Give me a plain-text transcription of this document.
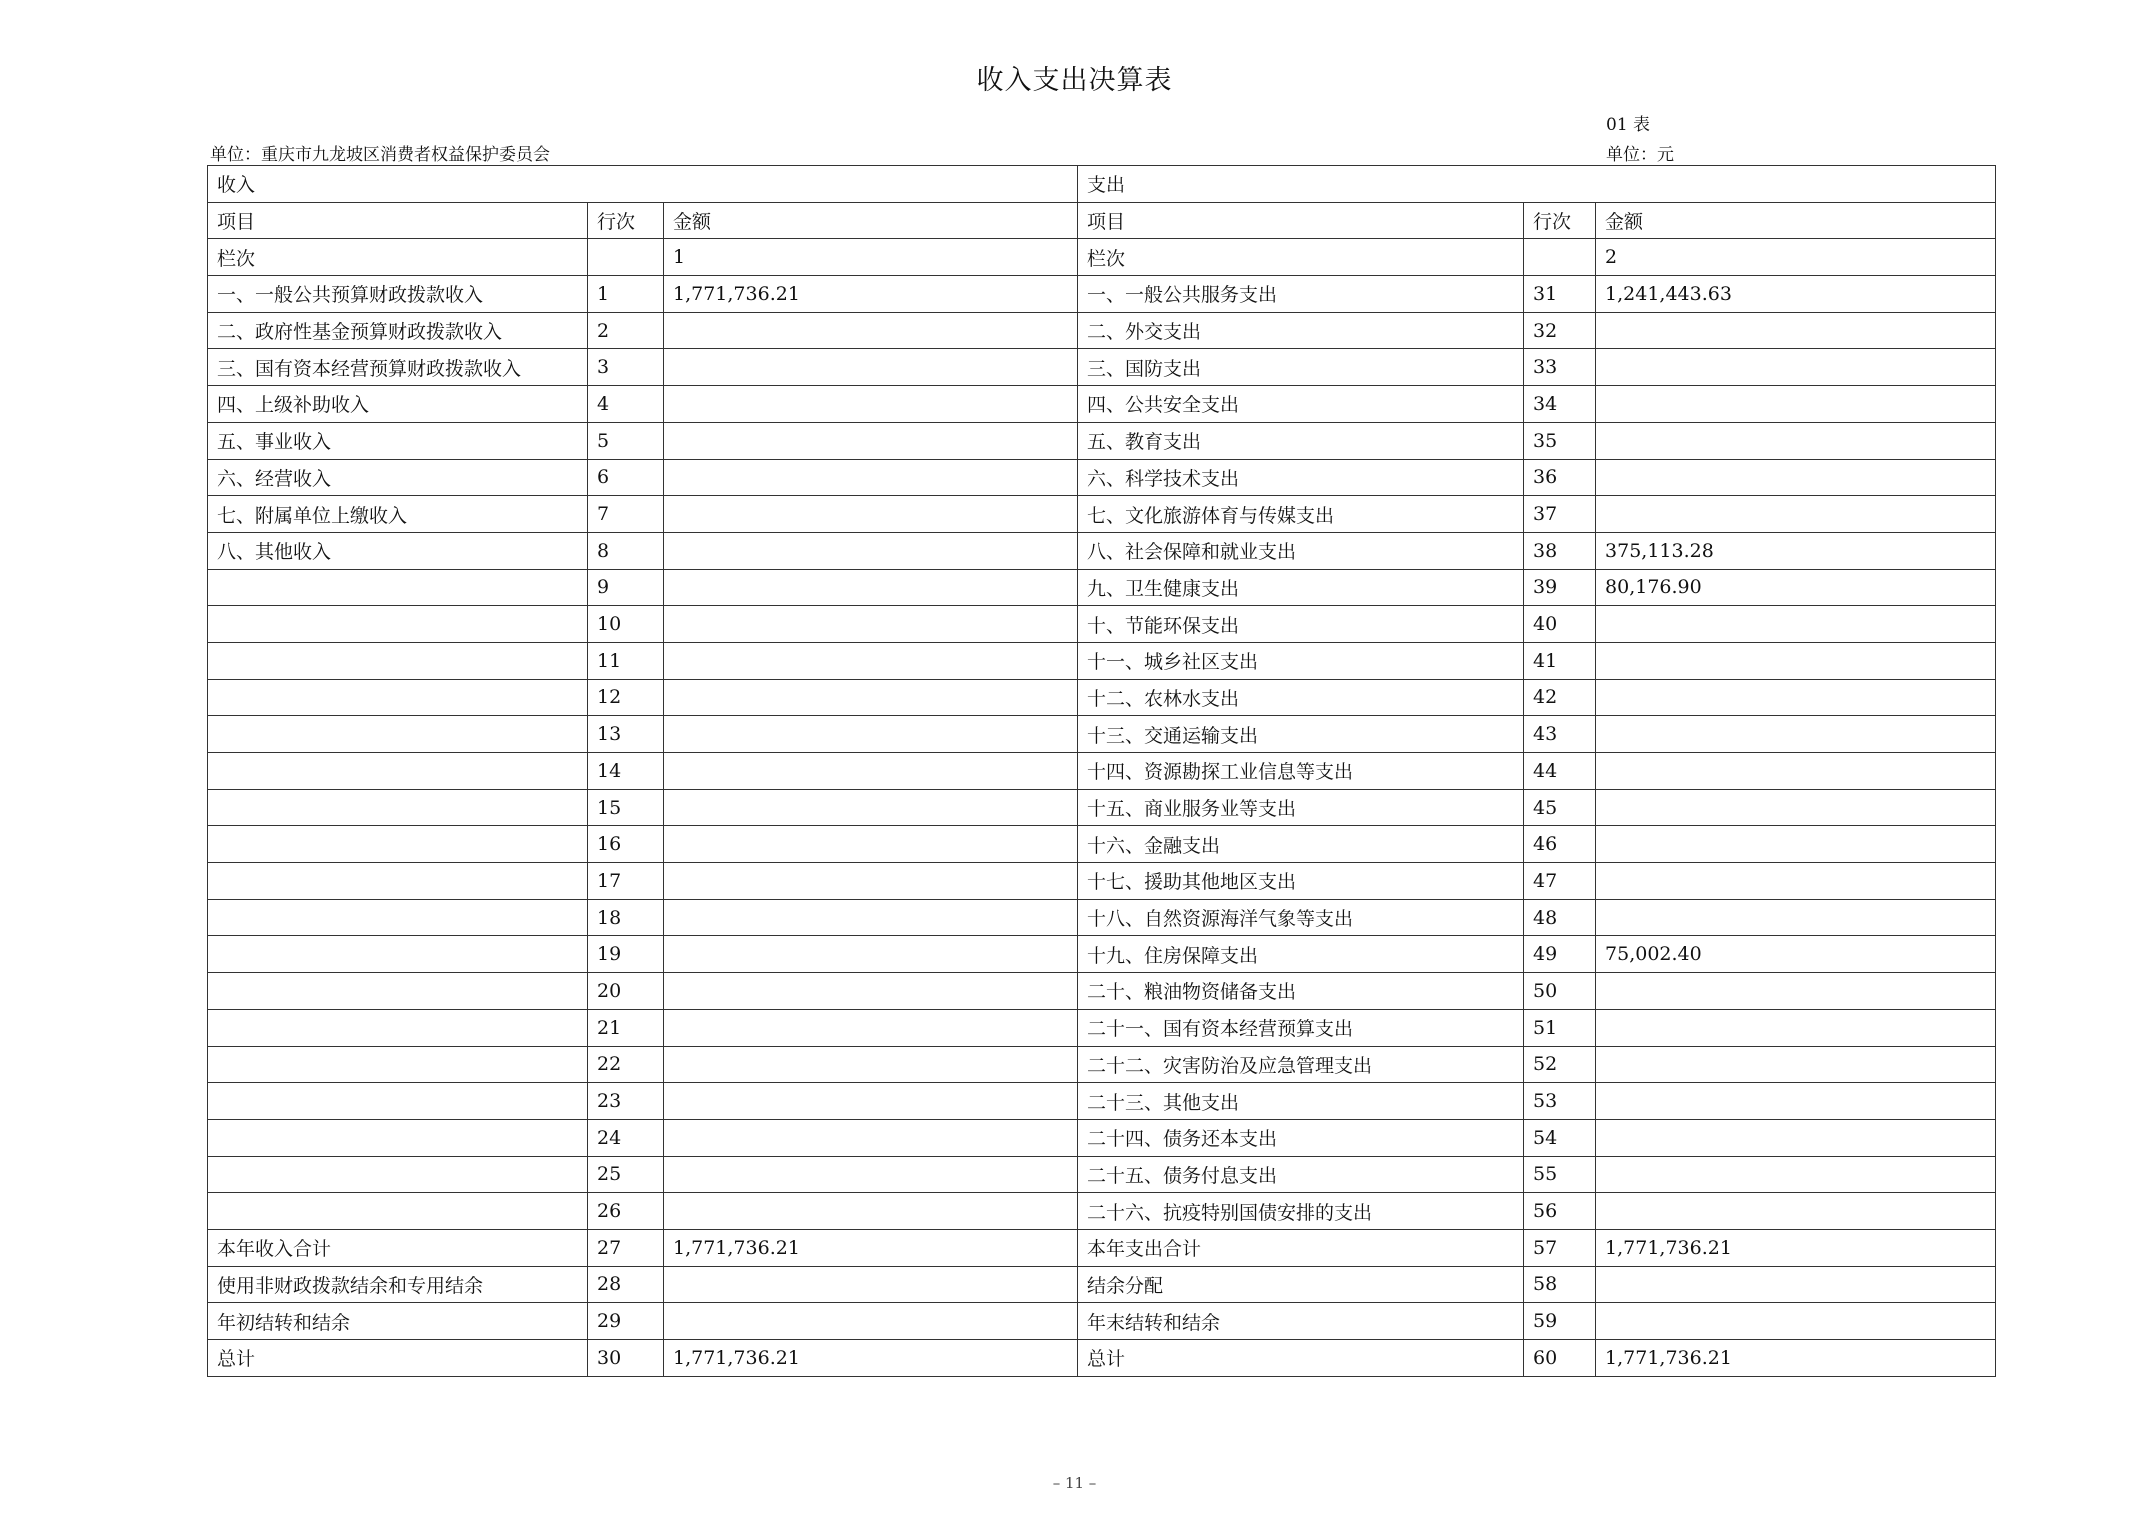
收入支出决算表
01 表
单位：重庆市九龙坡区消费者权益保护委员会	单位：元
收入			支出		
项目	行次	金额	项目	行次	金额
栏次		1	栏次		2
一、一般公共预算财政拨款收入	1	1,771,736.21	一、一般公共服务支出	31	1,241,443.63
二、政府性基金预算财政拨款收入	2		二、外交支出	32	
三、国有资本经营预算财政拨款收入	3		三、国防支出	33	
四、上级补助收入	4		四、公共安全支出	34	
五、事业收入	5		五、教育支出	35	
六、经营收入	6		六、科学技术支出	36	
七、附属单位上缴收入	7		七、文化旅游体育与传媒支出	37	
八、其他收入	8		八、社会保障和就业支出	38	375,113.28
	9		九、卫生健康支出	39	80,176.90
	10		十、节能环保支出	40	
	11		十一、城乡社区支出	41	
	12		十二、农林水支出	42	
	13		十三、交通运输支出	43	
	14		十四、资源勘探工业信息等支出	44	
	15		十五、商业服务业等支出	45	
	16		十六、金融支出	46	
	17		十七、援助其他地区支出	47	
	18		十八、自然资源海洋气象等支出	48	
	19		十九、住房保障支出	49	75,002.40
	20		二十、粮油物资储备支出	50	
	21		二十一、国有资本经营预算支出	51	
	22		二十二、灾害防治及应急管理支出	52	
	23		二十三、其他支出	53	
	24		二十四、债务还本支出	54	
	25		二十五、债务付息支出	55	
	26		二十六、抗疫特别国债安排的支出	56	
本年收入合计	27	1,771,736.21	本年支出合计	57	1,771,736.21
使用非财政拨款结余和专用结余	28		结余分配	58	
年初结转和结余	29		年末结转和结余	59	
总计	30	1,771,736.21	总计	60	1,771,736.21
– 11 –
